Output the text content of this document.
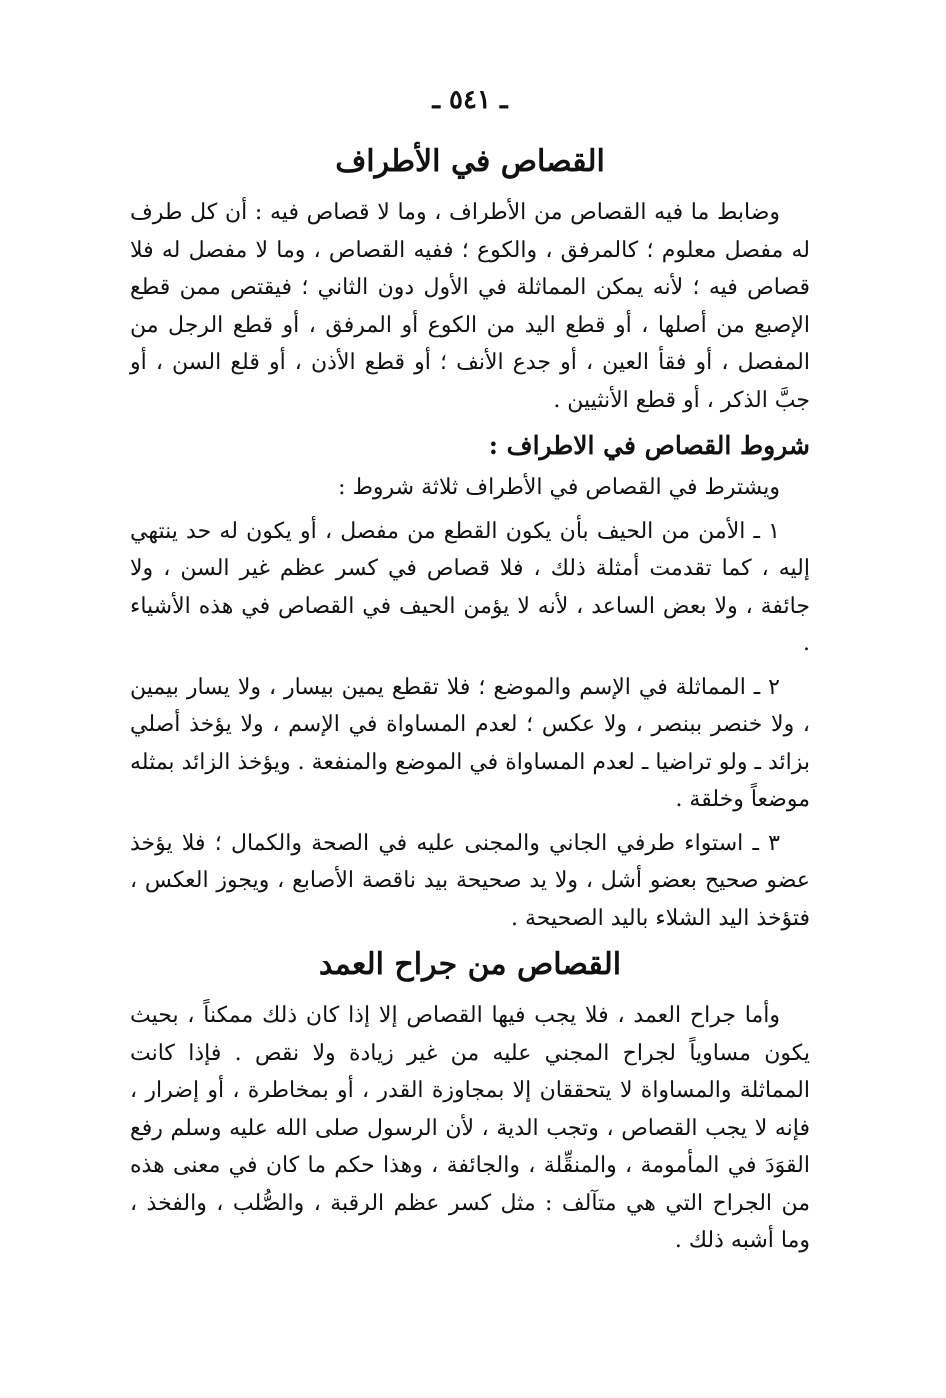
ـ ٥٤١ ـ
القصاص في الأطراف

وضابط ما فيه القصاص من الأطراف ، وما لا قصاص فيه : أن كل طرف له مفصل معلوم ؛ كالمرفق ، والكوع ؛ ففيه القصاص ، وما لا مفصل له فلا قصاص فيه ؛ لأنه يمكن المماثلة في الأول دون الثاني ؛ فيقتص ممن قطع الإصبع من أصلها ، أو قطع اليد من الكوع أو المرفق ، أو قطع الرجل من المفصل ، أو فقأ العين ، أو جدع الأنف ؛ أو قطع الأذن ، أو قلع السن ، أو جبَّ الذكر ، أو قطع الأنثيين .

شروط القصاص في الاطراف :

ويشترط في القصاص في الأطراف ثلاثة شروط :

١ ـ الأمن من الحيف بأن يكون القطع من مفصل ، أو يكون له حد ينتهي إليه ، كما تقدمت أمثلة ذلك ، فلا قصاص في كسر عظم غير السن ، ولا جائفة ، ولا بعض الساعد ، لأنه لا يؤمن الحيف في القصاص في هذه الأشياء .

٢ ـ المماثلة في الإسم والموضع ؛ فلا تقطع يمين بيسار ، ولا يسار بيمين ، ولا خنصر ببنصر ، ولا عكس ؛ لعدم المساواة في الإسم ، ولا يؤخذ أصلي بزائد ـ ولو تراضيا ـ لعدم المساواة في الموضع والمنفعة . ويؤخذ الزائد بمثله موضعاً وخلقة .

٣ ـ استواء طرفي الجاني والمجنى عليه في الصحة والكمال ؛ فلا يؤخذ عضو صحيح بعضو أشل ، ولا يد صحيحة بيد ناقصة الأصابع ، ويجوز العكس ، فتؤخذ اليد الشلاء باليد الصحيحة .

القصاص من جراح العمد

وأما جراح العمد ، فلا يجب فيها القصاص إلا إذا كان ذلك ممكناً ، بحيث يكون مساوياً لجراح المجني عليه من غير زيادة ولا نقص . فإذا كانت المماثلة والمساواة لا يتحققان إلا بمجاوزة القدر ، أو بمخاطرة ، أو إضرار ، فإنه لا يجب القصاص ، وتجب الدية ، لأن الرسول صلى الله عليه وسلم رفع القوَدَ في المأمومة ، والمنقِّلة ، والجائفة ، وهذا حكم ما كان في معنى هذه من الجراح التي هي متآلف : مثل كسر عظم الرقبة ، والصُّلب ، والفخذ ، وما أشبه ذلك .
